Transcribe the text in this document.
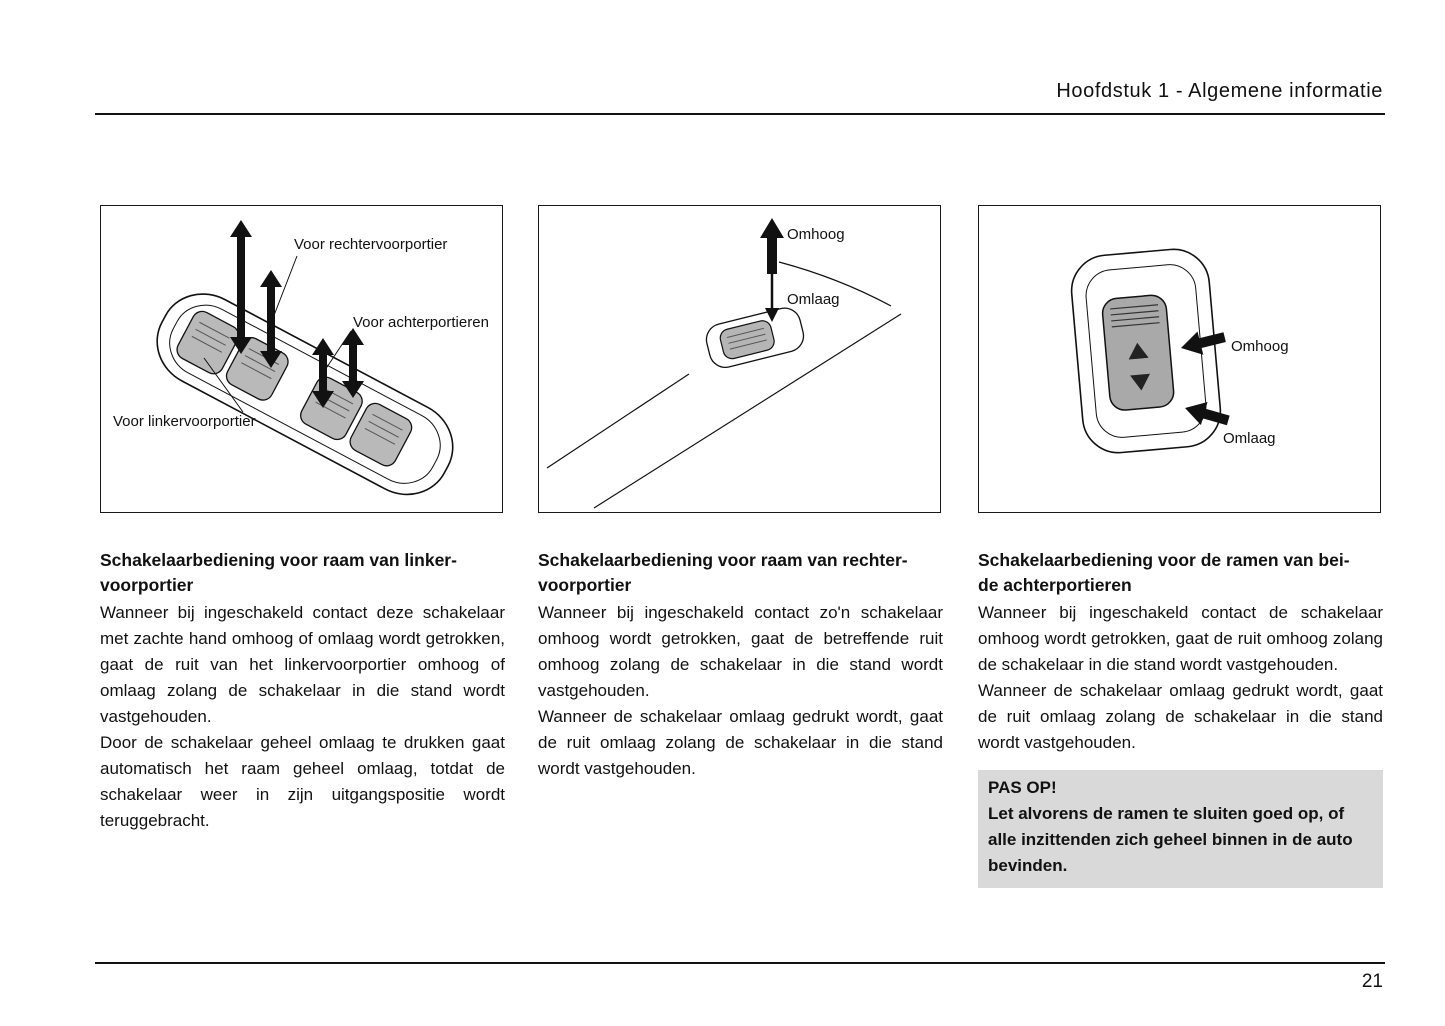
Hoofdstuk 1 - Algemene informatie
Voor rechtervoorportier
Voor achterportieren
Voor linkervoorportier
Omhoog
Omlaag
Omhoog
Omlaag
Schakelaarbediening voor raam van linker-
voorportier

Wanneer bij ingeschakeld contact deze schakelaar met zachte hand omhoog of omlaag wordt getrokken, gaat de ruit van het linkervoorportier omhoog of omlaag zolang de schakelaar in die stand wordt vastgehouden.

Door de schakelaar geheel omlaag te drukken gaat automatisch het raam geheel omlaag, totdat de schakelaar weer in zijn uitgangspositie wordt teruggebracht.

Schakelaarbediening voor raam van rechter-
voorportier

Wanneer bij ingeschakeld contact zo'n schakelaar omhoog wordt getrokken, gaat de betreffende ruit omhoog zolang de schakelaar in die stand wordt vastgehouden.

Wanneer de schakelaar omlaag gedrukt wordt, gaat de ruit omlaag zolang de schakelaar in die stand wordt vastgehouden.

Schakelaarbediening voor de ramen van bei-
de achterportieren

Wanneer bij ingeschakeld contact de schakelaar omhoog wordt getrokken, gaat de ruit omhoog zolang de schakelaar in die stand wordt vastgehouden.

Wanneer de schakelaar omlaag gedrukt wordt, gaat de ruit omlaag zolang de schakelaar in die stand wordt vastgehouden.

PAS OP!
Let alvorens de ramen te sluiten goed op, of alle inzittenden zich geheel binnen in de auto bevinden.
21
